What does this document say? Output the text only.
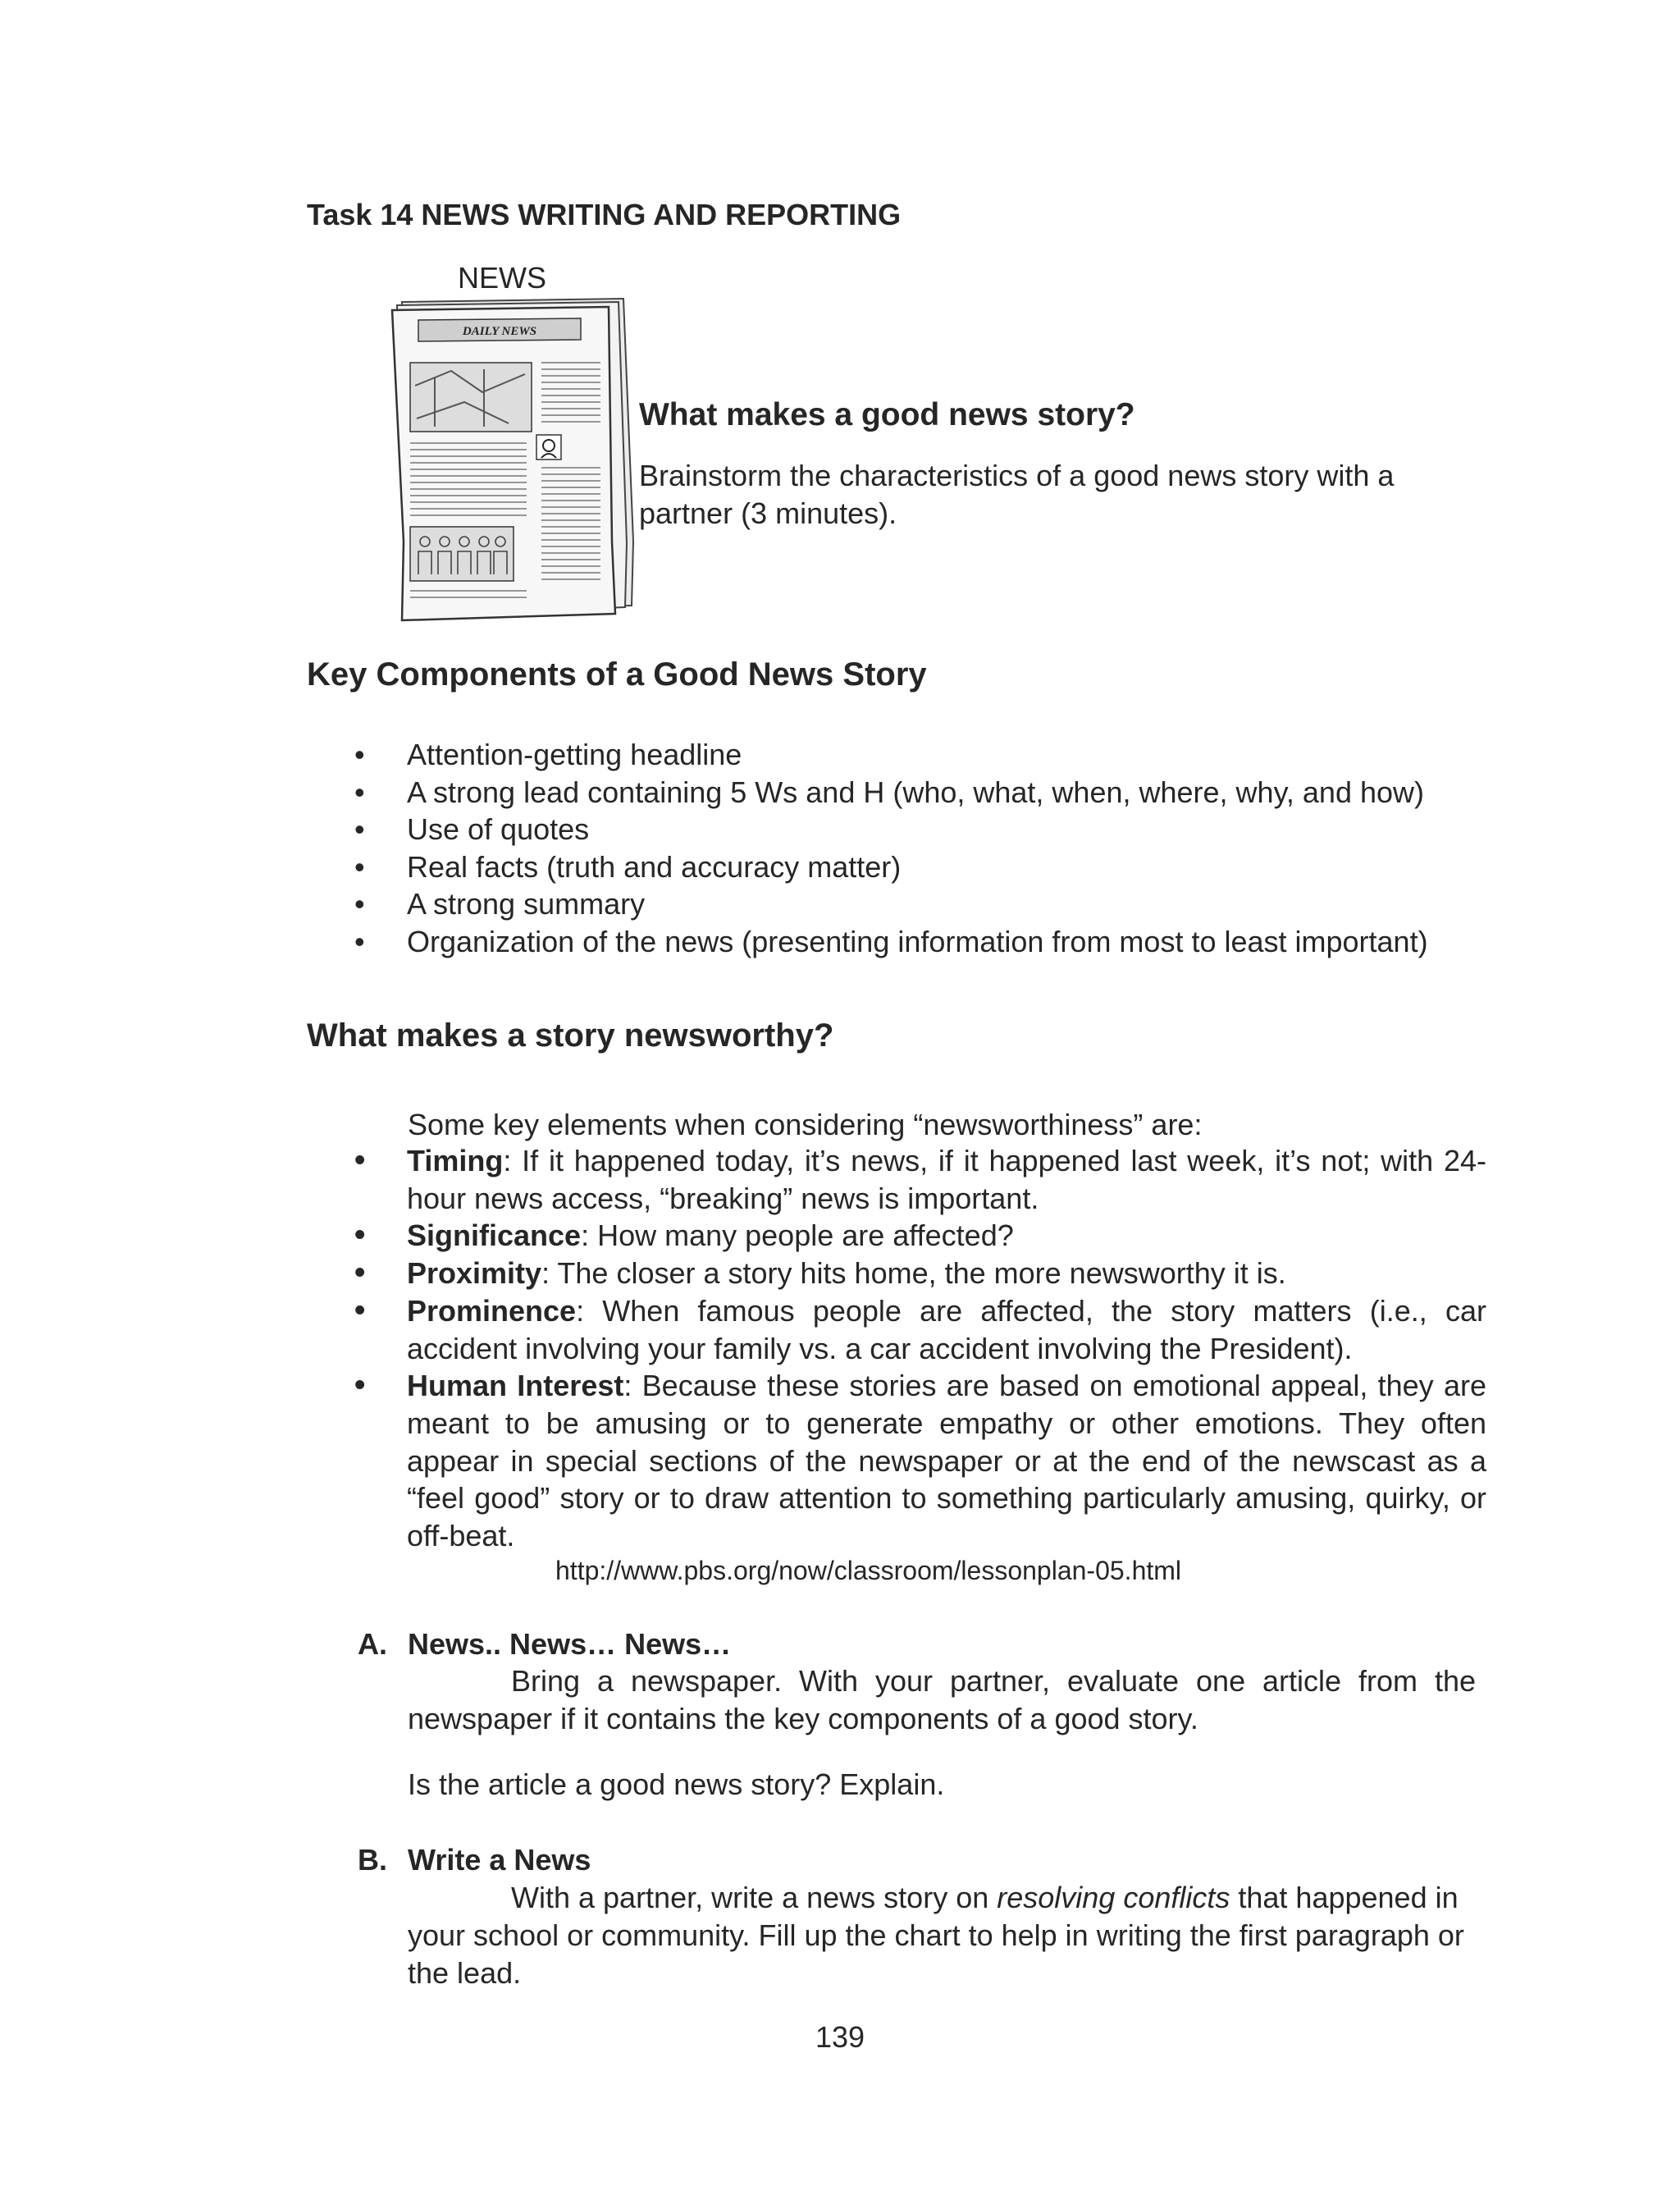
Task 14 NEWS WRITING AND REPORTING
NEWS
DAILY NEWS
What makes a good news story?
Brainstorm the characteristics of a good news story with a partner (3 minutes).
Key Components of a Good News Story
• Attention-getting headline
• A strong lead containing 5 Ws and H (who, what, when, where, why, and how)
• Use of quotes
• Real facts (truth and accuracy matter)
• A strong summary
• Organization of the news (presenting information from most to least important)
What makes a story newsworthy?
Some key elements when considering “newsworthiness” are:
• Timing: If it happened today, it’s news, if it happened last week, it’s not; with 24-hour news access, “breaking” news is important.
• Significance: How many people are affected?
• Proximity: The closer a story hits home, the more newsworthy it is.
• Prominence: When famous people are affected, the story matters (i.e., car accident involving your family vs. a car accident involving the President).
• Human Interest: Because these stories are based on emotional appeal, they are meant to be amusing or to generate empathy or other emotions. They often appear in special sections of the newspaper or at the end of the newscast as a “feel good” story or to draw attention to something particularly amusing, quirky, or off-beat.
http://www.pbs.org/now/classroom/lessonplan-05.html
A. News.. News… News…
Bring a newspaper. With your partner, evaluate one article from the newspaper if it contains the key components of a good story.
Is the article a good news story? Explain.
B. Write a News
With a partner, write a news story on resolving conflicts that happened in your school or community. Fill up the chart to help in writing the first paragraph or the lead.
139
